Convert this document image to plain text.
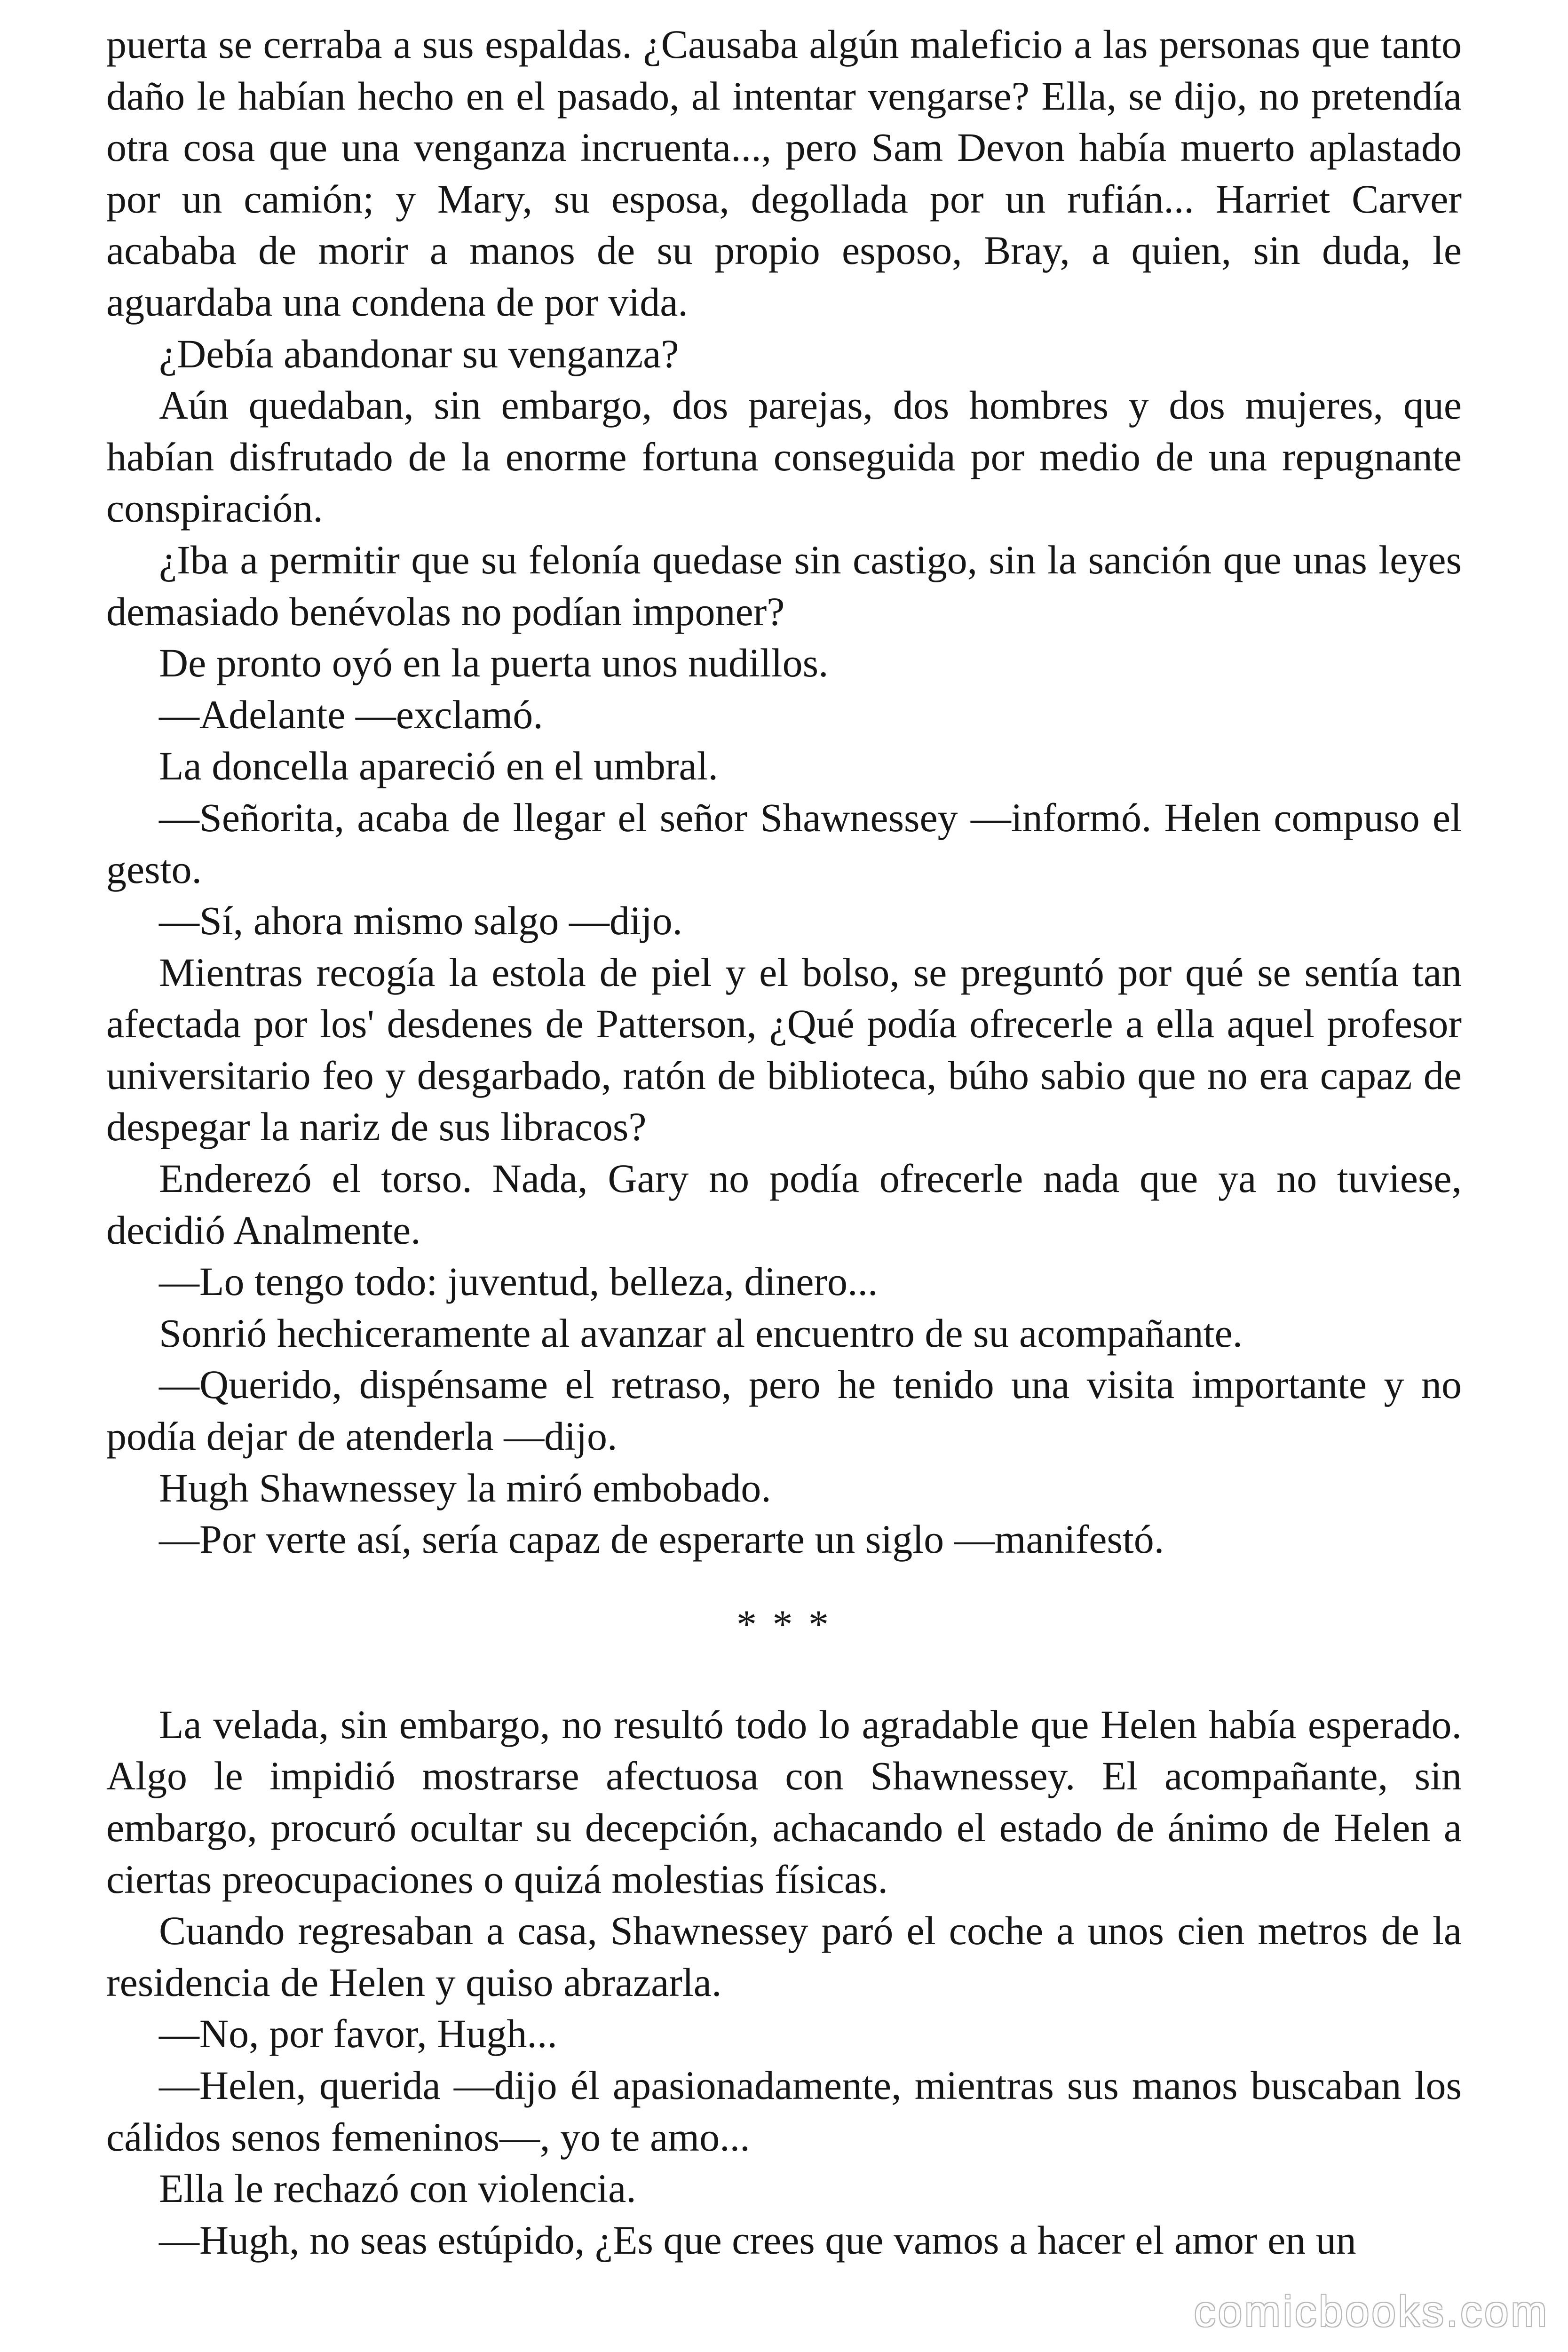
puerta se cerraba a sus espaldas. ¿Causaba algún maleficio a las personas que tanto daño le habían hecho en el pasado, al intentar vengarse? Ella, se dijo, no pretendía otra cosa que una venganza incruenta..., pero Sam Devon había muerto aplastado por un camión; y Mary, su esposa, degollada por un rufián... Harriet Carver acababa de morir a manos de su propio esposo, Bray, a quien, sin duda, le aguardaba una condena de por vida.

¿Debía abandonar su venganza?

Aún quedaban, sin embargo, dos parejas, dos hombres y dos mujeres, que habían disfrutado de la enorme fortuna conseguida por medio de una repugnante conspiración.

¿Iba a permitir que su felonía quedase sin castigo, sin la sanción que unas leyes demasiado benévolas no podían imponer?

De pronto oyó en la puerta unos nudillos.

—Adelante —exclamó.

La doncella apareció en el umbral.

—Señorita, acaba de llegar el señor Shawnessey —informó. Helen compuso el gesto.

—Sí, ahora mismo salgo —dijo.

Mientras recogía la estola de piel y el bolso, se preguntó por qué se sentía tan afectada por los' desdenes de Patterson, ¿Qué podía ofrecerle a ella aquel profesor universitario feo y desgarbado, ratón de biblioteca, búho sabio que no era capaz de despegar la nariz de sus libracos?

Enderezó el torso. Nada, Gary no podía ofrecerle nada que ya no tuviese, decidió Analmente.

—Lo tengo todo: juventud, belleza, dinero...

Sonrió hechiceramente al avanzar al encuentro de su acompañante.

—Querido, dispénsame el retraso, pero he tenido una visita importante y no podía dejar de atenderla —dijo.

Hugh Shawnessey la miró embobado.

—Por verte así, sería capaz de esperarte un siglo —manifestó.

* * *

La velada, sin embargo, no resultó todo lo agradable que Helen había esperado. Algo le impidió mostrarse afectuosa con Shawnessey. El acompañante, sin embargo, procuró ocultar su decepción, achacando el estado de ánimo de Helen a ciertas preocupaciones o quizá molestias físicas.

Cuando regresaban a casa, Shawnessey paró el coche a unos cien metros de la residencia de Helen y quiso abrazarla.

—No, por favor, Hugh...

—Helen, querida —dijo él apasionadamente, mientras sus manos buscaban los cálidos senos femeninos—, yo te amo...

Ella le rechazó con violencia.

—Hugh, no seas estúpido, ¿Es que crees que vamos a hacer el amor en un

comicbooks.com
